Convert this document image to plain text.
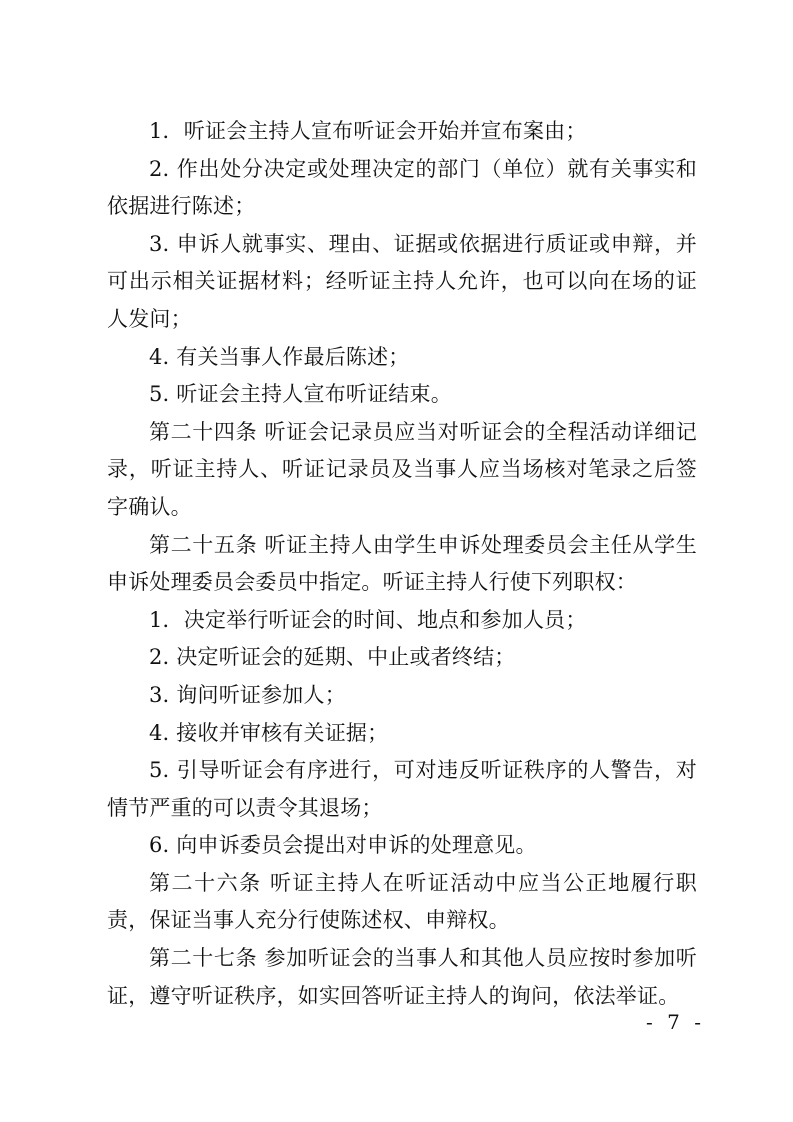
1．听证会主持人宣布听证会开始并宣布案由；

2. 作出处分决定或处理决定的部门（单位）就有关事实和依据进行陈述；

3. 申诉人就事实、理由、证据或依据进行质证或申辩，并可出示相关证据材料；经听证主持人允许，也可以向在场的证人发问；

4. 有关当事人作最后陈述；

5. 听证会主持人宣布听证结束。

第二十四条 听证会记录员应当对听证会的全程活动详细记录，听证主持人、听证记录员及当事人应当场核对笔录之后签字确认。

第二十五条 听证主持人由学生申诉处理委员会主任从学生申诉处理委员会委员中指定。听证主持人行使下列职权：

1．决定举行听证会的时间、地点和参加人员；

2. 决定听证会的延期、中止或者终结；

3. 询问听证参加人；

4. 接收并审核有关证据；

5. 引导听证会有序进行，可对违反听证秩序的人警告，对情节严重的可以责令其退场；

6. 向申诉委员会提出对申诉的处理意见。

第二十六条 听证主持人在听证活动中应当公正地履行职责，保证当事人充分行使陈述权、申辩权。

第二十七条 参加听证会的当事人和其他人员应按时参加听证，遵守听证秩序，如实回答听证主持人的询问，依法举证。

- 7 -
